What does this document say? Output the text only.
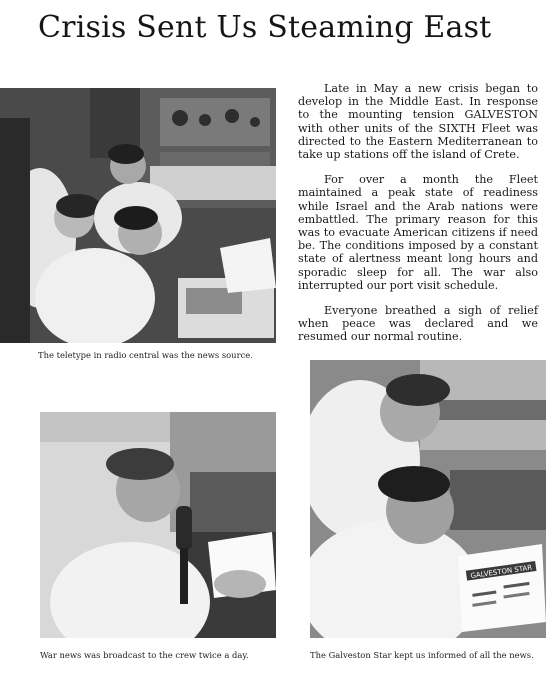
Crisis Sent Us Steaming East
The teletype in radio central was the news source.

Late in May a new crisis began to develop in the Middle East. In response to the mounting tension GALVESTON with other units of the SIXTH Fleet was directed to the Eastern Mediterranean to take up stations off the island of Crete.

For over a month the Fleet maintained a peak state of readiness while Israel and the Arab nations were embattled. The primary reason for this was to evacuate American citizens if need be. The conditions imposed by a constant state of alertness meant long hours and sporadic sleep for all. The war also interrupted our port visit schedule.

Everyone breathed a sigh of relief when peace was declared and we resumed our normal routine.

War news was broadcast to the crew twice a day.
GALVESTON STAR
The Galveston Star kept us informed of all the news.
